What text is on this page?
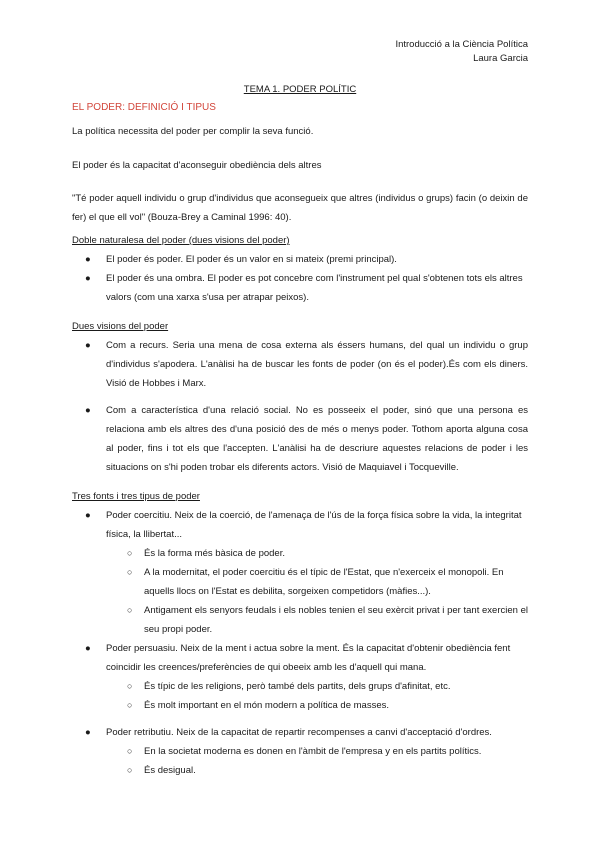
Introducció a la Ciència Política
Laura Garcia
TEMA 1. PODER POLÍTIC

EL PODER: DEFINICIÓ I TIPUS

La política necessita del poder per complir la seva funció.

El poder és la capacitat d'aconseguir obediència dels altres

"Té poder aquell individu o grup d'individus que aconsegueix que altres (individus o grups) facin (o deixin de fer) el que ell vol" (Bouza-Brey a Caminal 1996: 40).

Doble naturalesa del poder (dues visions del poder)

● El poder és poder. El poder és un valor en si mateix (premi principal).
● El poder és una ombra. El poder es pot concebre com l'instrument pel qual s'obtenen tots els altres valors (com una xarxa s'usa per atrapar peixos).

Dues visions del poder

● Com a recurs. Seria una mena de cosa externa als éssers humans, del qual un individu o grup d'individus s'apodera. L'anàlisi ha de buscar les fonts de poder (on és el poder).És com els diners. Visió de Hobbes i Marx.
● Com a característica d'una relació social. No es posseeix el poder, sinó que una persona es relaciona amb els altres des d'una posició des de més o menys poder. Tothom aporta alguna cosa al poder, fins i tot els que l'accepten. L'anàlisi ha de descriure aquestes relacions de poder i les situacions on s'hi poden trobar els diferents actors. Visió de Maquiavel i Tocqueville.

Tres fonts i tres tipus de poder

● Poder coercitiu. Neix de la coerció, de l'amenaça de l'ús de la força física sobre la vida, la integritat física, la llibertat...
○ És la forma més bàsica de poder.
○ A la modernitat, el poder coercitiu és el típic de l'Estat, que n'exerceix el monopoli. En aquells llocs on l'Estat es debilita, sorgeixen competidors (màfies...).
○ Antigament els senyors feudals i els nobles tenien el seu exèrcit privat i per tant exercien el seu propi poder.
● Poder persuasiu. Neix de la ment i actua sobre la ment. És la capacitat d'obtenir obediència fent coincidir les creences/preferències de qui obeeix amb les d'aquell qui mana.
○ És típic de les religions, però també dels partits, dels grups d'afinitat, etc.
○ És molt important en el món modern a política de masses.
● Poder retributiu. Neix de la capacitat de repartir recompenses a canvi d'acceptació d'ordres.
○ En la societat moderna es donen en l'àmbit de l'empresa y en els partits polítics.
○ És desigual.
